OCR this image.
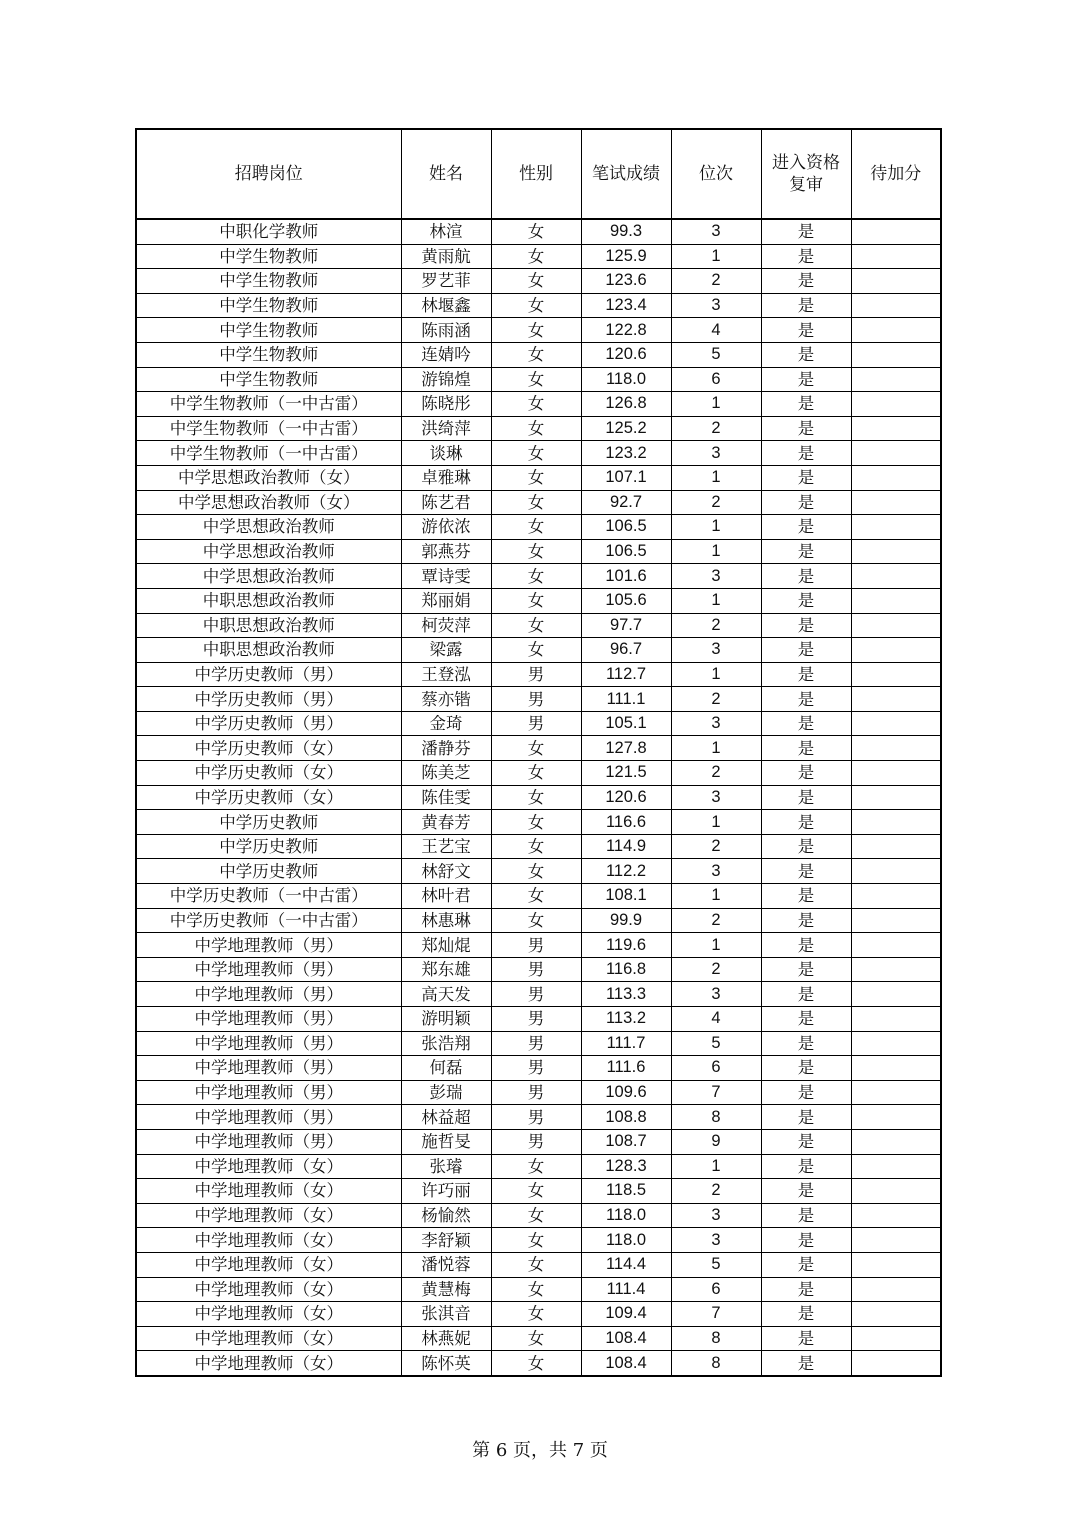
招聘岗位	姓名	性别	笔试成绩	位次	进入资格复审	待加分
中职化学教师	林渲	女	99.3	3	是	
中学生物教师	黄雨航	女	125.9	1	是	
中学生物教师	罗艺菲	女	123.6	2	是	
中学生物教师	林堰鑫	女	123.4	3	是	
中学生物教师	陈雨涵	女	122.8	4	是	
中学生物教师	连婧吟	女	120.6	5	是	
中学生物教师	游锦煌	女	118.0	6	是	
中学生物教师（一中古雷）	陈晓彤	女	126.8	1	是	
中学生物教师（一中古雷）	洪绮萍	女	125.2	2	是	
中学生物教师（一中古雷）	谈琳	女	123.2	3	是	
中学思想政治教师（女）	卓雅琳	女	107.1	1	是	
中学思想政治教师（女）	陈艺君	女	92.7	2	是	
中学思想政治教师	游依浓	女	106.5	1	是	
中学思想政治教师	郭燕芬	女	106.5	1	是	
中学思想政治教师	覃诗雯	女	101.6	3	是	
中职思想政治教师	郑丽娟	女	105.6	1	是	
中职思想政治教师	柯荧萍	女	97.7	2	是	
中职思想政治教师	梁露	女	96.7	3	是	
中学历史教师（男）	王登泓	男	112.7	1	是	
中学历史教师（男）	蔡亦锴	男	111.1	2	是	
中学历史教师（男）	金琦	男	105.1	3	是	
中学历史教师（女）	潘静芬	女	127.8	1	是	
中学历史教师（女）	陈美芝	女	121.5	2	是	
中学历史教师（女）	陈佳雯	女	120.6	3	是	
中学历史教师	黄春芳	女	116.6	1	是	
中学历史教师	王艺宝	女	114.9	2	是	
中学历史教师	林舒文	女	112.2	3	是	
中学历史教师（一中古雷）	林叶君	女	108.1	1	是	
中学历史教师（一中古雷）	林惠琳	女	99.9	2	是	
中学地理教师（男）	郑灿焜	男	119.6	1	是	
中学地理教师（男）	郑东雄	男	116.8	2	是	
中学地理教师（男）	高天发	男	113.3	3	是	
中学地理教师（男）	游明颖	男	113.2	4	是	
中学地理教师（男）	张浩翔	男	111.7	5	是	
中学地理教师（男）	何磊	男	111.6	6	是	
中学地理教师（男）	彭瑞	男	109.6	7	是	
中学地理教师（男）	林益超	男	108.8	8	是	
中学地理教师（男）	施哲旻	男	108.7	9	是	
中学地理教师（女）	张璿	女	128.3	1	是	
中学地理教师（女）	许巧丽	女	118.5	2	是	
中学地理教师（女）	杨愉然	女	118.0	3	是	
中学地理教师（女）	李舒颖	女	118.0	3	是	
中学地理教师（女）	潘悦蓉	女	114.4	5	是	
中学地理教师（女）	黄慧梅	女	111.4	6	是	
中学地理教师（女）	张淇音	女	109.4	7	是	
中学地理教师（女）	林燕妮	女	108.4	8	是	
中学地理教师（女）	陈怀英	女	108.4	8	是	
第 6 页，共 7 页
